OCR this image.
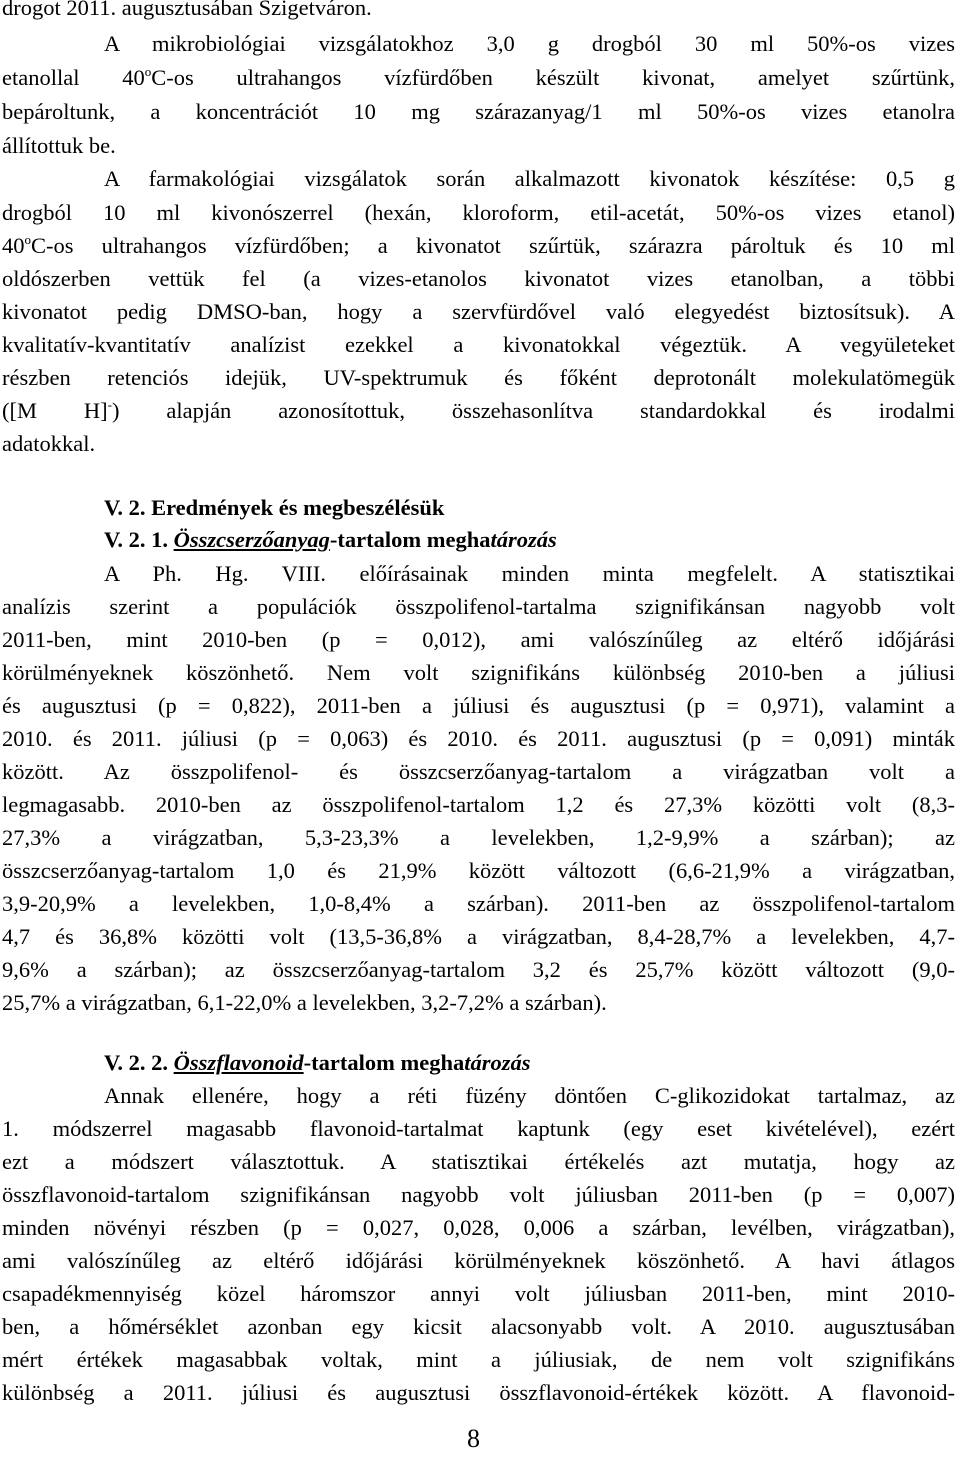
drogot 2011. augusztusában Szigetváron.
A mikrobiológiai vizsgálatokhoz 3,0 g drogból 30 ml 50%-os vizes
etanollal 40$^o$C-os ultrahangos vízfürdőben készült kivonat, amelyet szűrtünk,
bepároltunk, a koncentrációt 10 mg szárazanyag/1 ml 50%-os vizes etanolra
állítottuk be.
A farmakológiai vizsgálatok során alkalmazott kivonatok készítése: 0,5 g
drogból 10 ml kivonószerrel (hexán, kloroform, etil-acetát, 50%-os vizes etanol)
40$^o$C-os ultrahangos vízfürdőben; a kivonatot szűrtük, szárazra pároltuk és 10 ml
oldószerben vettük fel (a vizes-etanolos kivonatot vizes etanolban, a többi
kivonatot pedig DMSO-ban, hogy a szervfürdővel való elegyedést biztosítsuk). A
kvalitatív-kvantitatív analízist ezekkel a kivonatokkal végeztük. A vegyületeket
részben retenciós idejük, UV-spektrumuk és főként deprotonált molekulatömegük
([M H]-) alapján azonosítottuk, összehasonlítva standardokkal és irodalmi
adatokkal.
V. 2. Eredmények és megbeszélésük
V. 2. 1. Összcserzőanyag-tartalom meghatározás
A Ph. Hg. VIII. előírásainak minden minta megfelelt. A statisztikai
analízis szerint a populációk összpolifenol-tartalma szignifikánsan nagyobb volt
2011-ben, mint 2010-ben (p = 0,012), ami valószínűleg az eltérő időjárási
körülményeknek köszönhető. Nem volt szignifikáns különbség 2010-ben a júliusi
és augusztusi (p = 0,822), 2011-ben a júliusi és augusztusi (p = 0,971), valamint a
2010. és 2011. júliusi (p = 0,063) és 2010. és 2011. augusztusi (p = 0,091) minták
között. Az összpolifenol- és összcserzőanyag-tartalom a virágzatban volt a
legmagasabb. 2010-ben az összpolifenol-tartalom 1,2 és 27,3% közötti volt (8,3-
27,3% a virágzatban, 5,3-23,3% a levelekben, 1,2-9,9% a szárban); az
összcserzőanyag-tartalom 1,0 és 21,9% között változott (6,6-21,9% a virágzatban,
3,9-20,9% a levelekben, 1,0-8,4% a szárban). 2011-ben az összpolifenol-tartalom
4,7 és 36,8% közötti volt (13,5-36,8% a virágzatban, 8,4-28,7% a levelekben, 4,7-
9,6% a szárban); az összcserzőanyag-tartalom 3,2 és 25,7% között változott (9,0-
25,7% a virágzatban, 6,1-22,0% a levelekben, 3,2-7,2% a szárban).
V. 2. 2. Összflavonoid-tartalom meghatározás
Annak ellenére, hogy a réti füzény döntően C-glikozidokat tartalmaz, az
1. módszerrel magasabb flavonoid-tartalmat kaptunk (egy eset kivételével), ezért
ezt a módszert választottuk. A statisztikai értékelés azt mutatja, hogy az
összflavonoid-tartalom szignifikánsan nagyobb volt júliusban 2011-ben (p = 0,007)
minden növényi részben (p = 0,027, 0,028, 0,006 a szárban, levélben, virágzatban),
ami valószínűleg az eltérő időjárási körülményeknek köszönhető. A havi átlagos
csapadékmennyiség közel háromszor annyi volt júliusban 2011-ben, mint 2010-
ben, a hőmérséklet azonban egy kicsit alacsonyabb volt. A 2010. augusztusában
mért értékek magasabbak voltak, mint a júliusiak, de nem volt szignifikáns
különbség a 2011. júliusi és augusztusi összflavonoid-értékek között. A flavonoid-
8
